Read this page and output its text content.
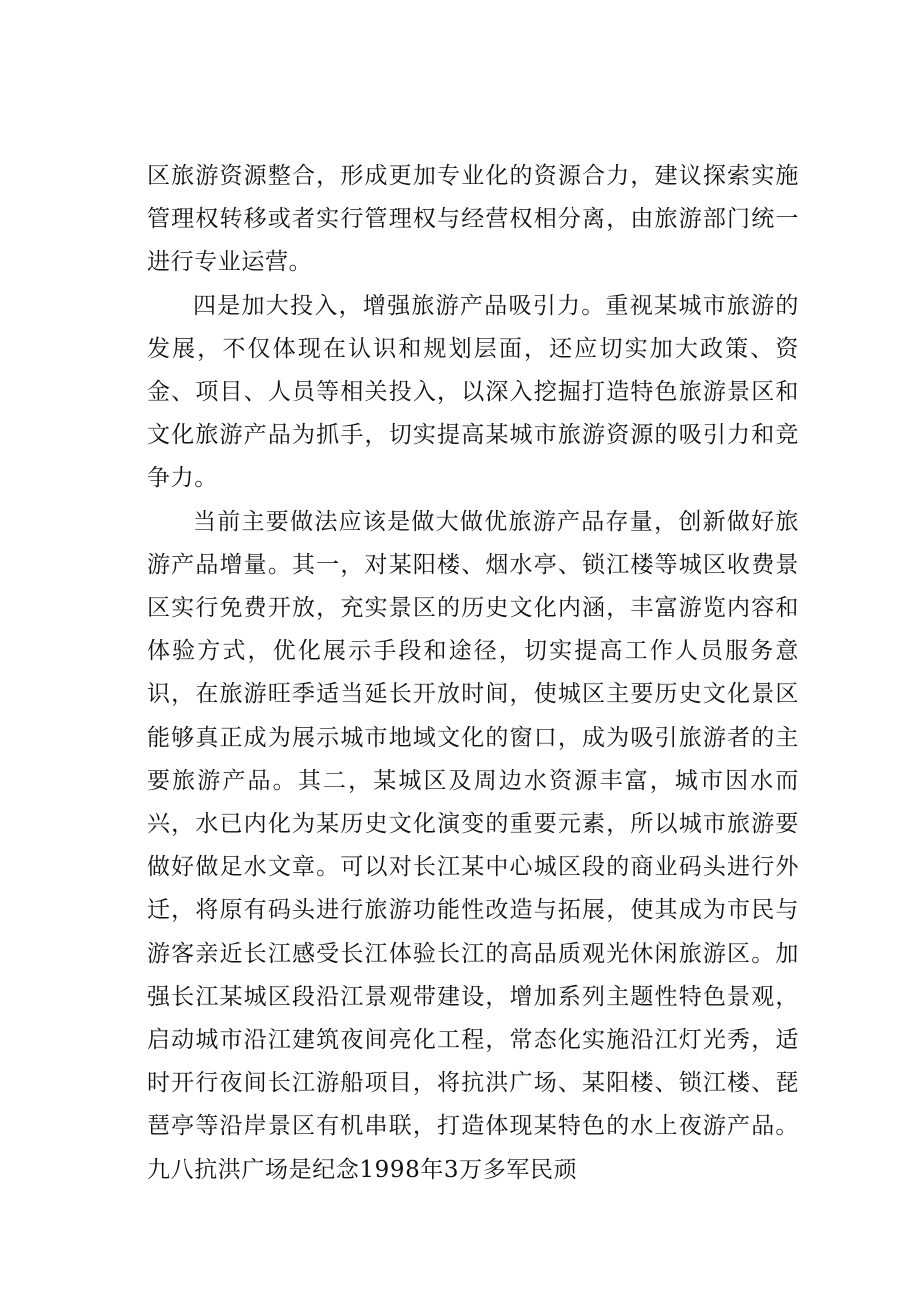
区旅游资源整合，形成更加专业化的资源合力，建议探索实施管理权转移或者实行管理权与经营权相分离，由旅游部门统一进行专业运营。

四是加大投入，增强旅游产品吸引力。重视某城市旅游的发展，不仅体现在认识和规划层面，还应切实加大政策、资金、项目、人员等相关投入，以深入挖掘打造特色旅游景区和文化旅游产品为抓手，切实提高某城市旅游资源的吸引力和竞争力。

当前主要做法应该是做大做优旅游产品存量，创新做好旅游产品增量。其一，对某阳楼、烟水亭、锁江楼等城区收费景区实行免费开放，充实景区的历史文化内涵，丰富游览内容和体验方式，优化展示手段和途径，切实提高工作人员服务意识，在旅游旺季适当延长开放时间，使城区主要历史文化景区能够真正成为展示城市地域文化的窗口，成为吸引旅游者的主要旅游产品。其二，某城区及周边水资源丰富，城市因水而兴，水已内化为某历史文化演变的重要元素，所以城市旅游要做好做足水文章。可以对长江某中心城区段的商业码头进行外迁，将原有码头进行旅游功能性改造与拓展，使其成为市民与游客亲近长江感受长江体验长江的高品质观光休闲旅游区。加强长江某城区段沿江景观带建设，增加系列主题性特色景观，启动城市沿江建筑夜间亮化工程，常态化实施沿江灯光秀，适时开行夜间长江游船项目，将抗洪广场、某阳楼、锁江楼、琵琶亭等沿岸景区有机串联，打造体现某特色的水上夜游产品。九八抗洪广场是纪念1998年3万多军民顽
